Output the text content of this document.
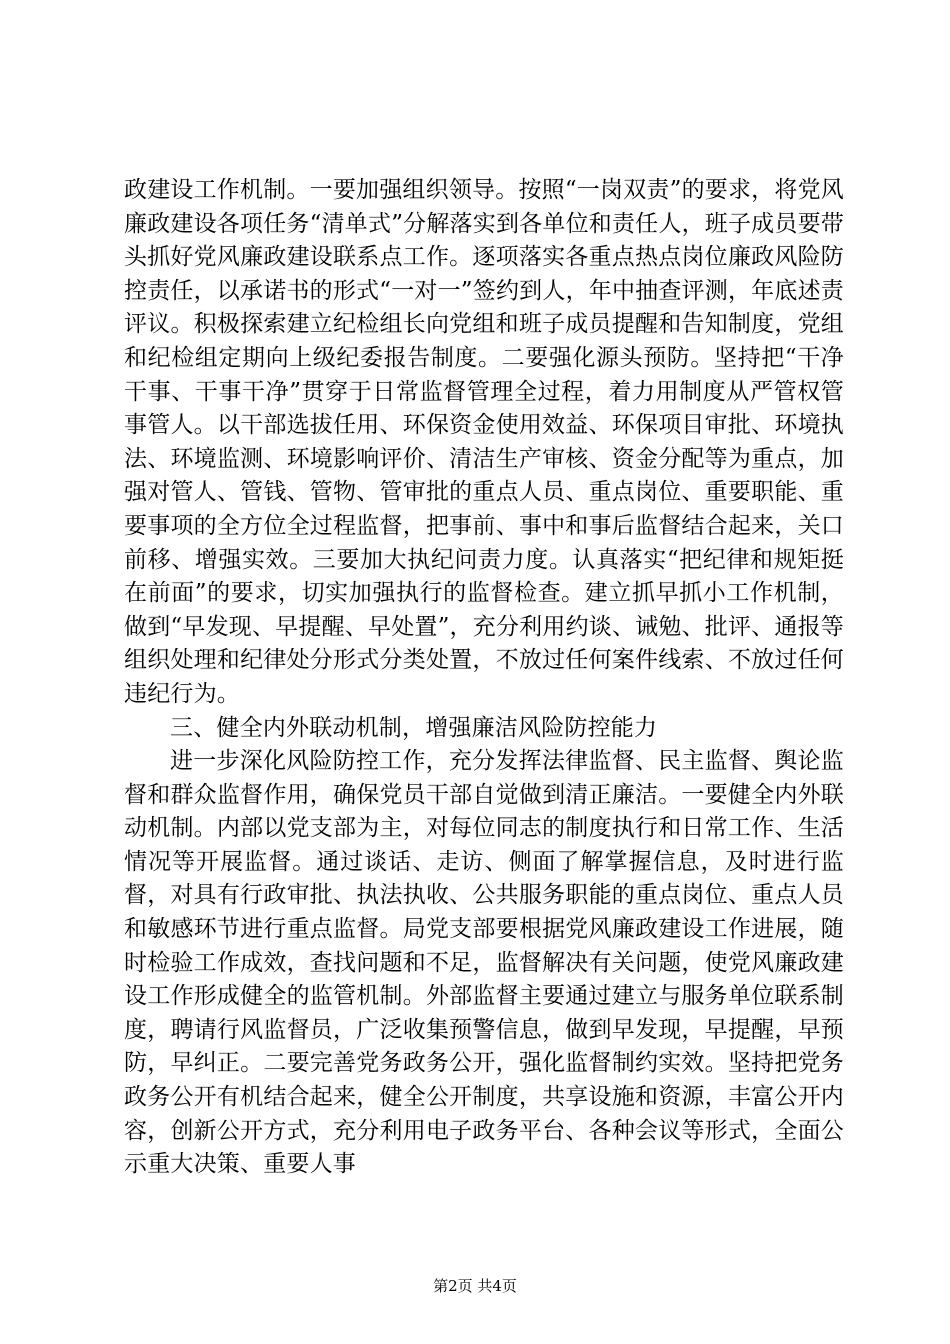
政建设工作机制。一要加强组织领导。按照“一岗双责”的要求，将党风廉政建设各项任务“清单式”分解落实到各单位和责任人，班子成员要带头抓好党风廉政建设联系点工作。逐项落实各重点热点岗位廉政风险防控责任，以承诺书的形式“一对一”签约到人，年中抽查评测，年底述责评议。积极探索建立纪检组长向党组和班子成员提醒和告知制度，党组和纪检组定期向上级纪委报告制度。二要强化源头预防。坚持把“干净干事、干事干净”贯穿于日常监督管理全过程，着力用制度从严管权管事管人。以干部选拔任用、环保资金使用效益、环保项目审批、环境执法、环境监测、环境影响评价、清洁生产审核、资金分配等为重点，加强对管人、管钱、管物、管审批的重点人员、重点岗位、重要职能、重要事项的全方位全过程监督，把事前、事中和事后监督结合起来，关口前移、增强实效。三要加大执纪问责力度。认真落实“把纪律和规矩挺在前面”的要求，切实加强执行的监督检查。建立抓早抓小工作机制，做到“早发现、早提醒、早处置”，充分利用约谈、诫勉、批评、通报等组织处理和纪律处分形式分类处置，不放过任何案件线索、不放过任何违纪行为。

三、健全内外联动机制，增强廉洁风险防控能力

进一步深化风险防控工作，充分发挥法律监督、民主监督、舆论监督和群众监督作用，确保党员干部自觉做到清正廉洁。一要健全内外联动机制。内部以党支部为主，对每位同志的制度执行和日常工作、生活情况等开展监督。通过谈话、走访、侧面了解掌握信息，及时进行监督，对具有行政审批、执法执收、公共服务职能的重点岗位、重点人员和敏感环节进行重点监督。局党支部要根据党风廉政建设工作进展，随时检验工作成效，查找问题和不足，监督解决有关问题，使党风廉政建设工作形成健全的监管机制。外部监督主要通过建立与服务单位联系制度，聘请行风监督员，广泛收集预警信息，做到早发现，早提醒，早预防，早纠正。二要完善党务政务公开，强化监督制约实效。坚持把党务政务公开有机结合起来，健全公开制度，共享设施和资源，丰富公开内容，创新公开方式，充分利用电子政务平台、各种会议等形式，全面公示重大决策、重要人事

第2页 共4页
